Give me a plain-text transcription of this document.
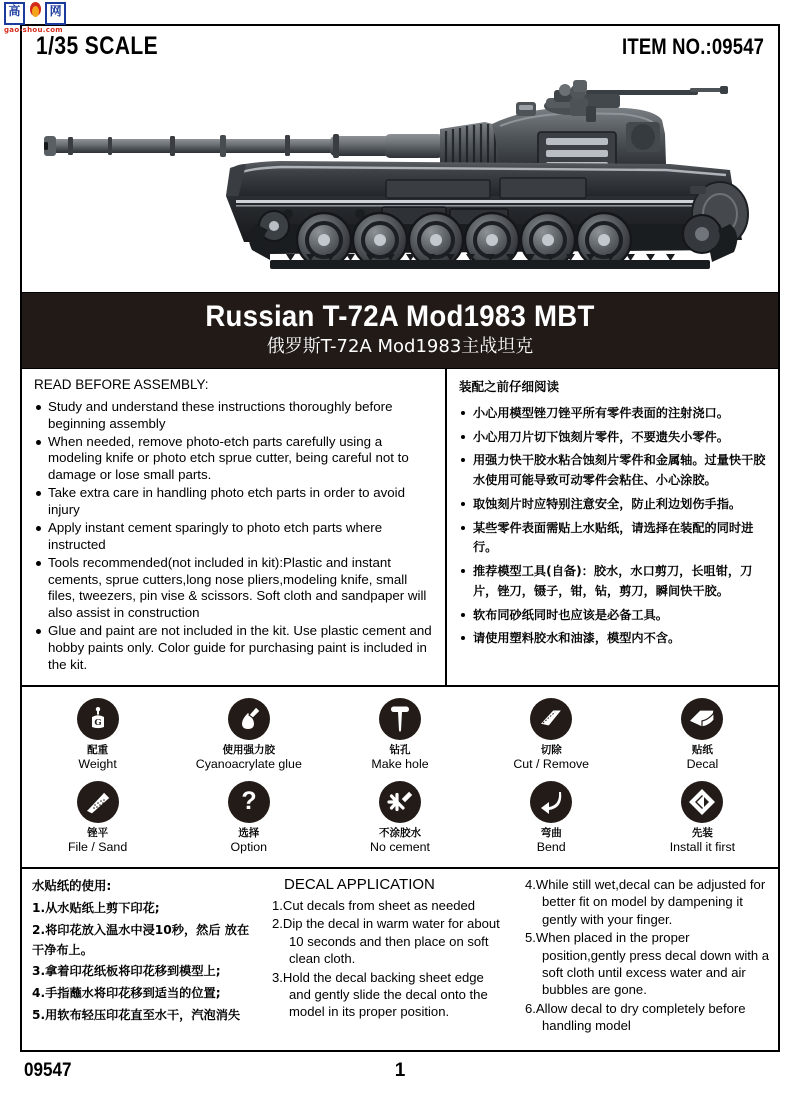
高	网
gao-shou.com
1/35 SCALE	ITEM NO.:09547
Russian T-72A Mod1983 MBT
俄罗斯T-72A Mod1983主战坦克
READ BEFORE ASSEMBLY:
Study and understand these instructions thoroughly before beginning assembly
When needed, remove photo-etch parts carefully using a modeling knife or photo etch sprue cutter, being careful not to damage or lose small parts.
Take extra care in handling photo etch parts in order to avoid injury
Apply instant cement sparingly to photo etch parts where instructed
Tools recommended(not included in kit):Plastic and instant cements, sprue cutters,long nose pliers,modeling knife, small files, tweezers, pin vise & scissors. Soft cloth and sandpaper will also assist in construction
Glue and paint are not included in the kit. Use plastic cement and hobby paints only. Color guide for purchasing paint is included in the kit.
装配之前仔细阅读
小心用模型锉刀锉平所有零件表面的注射浇口。
小心用刀片切下蚀刻片零件，不要遗失小零件。
用强力快干胶水粘合蚀刻片零件和金属轴。过量快干胶水使用可能导致可动零件会粘住、小心涂胶。
取蚀刻片时应特别注意安全，防止利边划伤手指。
某些零件表面需贴上水贴纸，请选择在装配的同时进行。
推荐模型工具(自备)：胶水，水口剪刀，长咀钳，刀片，锉刀，镊子，钳，钻，剪刀，瞬间快干胶。
软布同砂纸同时也应该是必备工具。
请使用塑料胶水和油漆，模型内不含。
G
配重
Weight
使用强力胶
Cyanoacrylate glue
钻孔
Make hole
切除
Cut / Remove
贴纸
Decal
锉平
File / Sand
?
选择
Option
不涂胶水
No cement
弯曲
Bend
先装
Install it first
水贴纸的使用:
1.从水贴纸上剪下印花;
2.将印花放入温水中浸10秒，然后 放在干净布上。
3.拿着印花纸板将印花移到模型上;
4.手指蘸水将印花移到适当的位置;
5.用软布轻压印花直至水干，汽泡消失
DECAL APPLICATION
1.Cut decals from sheet as needed
2.Dip the decal in warm water for about 10 seconds and then place on soft clean cloth.
3.Hold the decal backing sheet edge and gently slide the decal onto the model in its proper position.
4.While still wet,decal can be adjusted for better fit on model by dampening it gently with your finger.
5.When placed in the proper position,gently press decal down with a soft cloth until excess water and air bubbles are gone.
6.Allow decal to dry completely before handling model
09547	1
